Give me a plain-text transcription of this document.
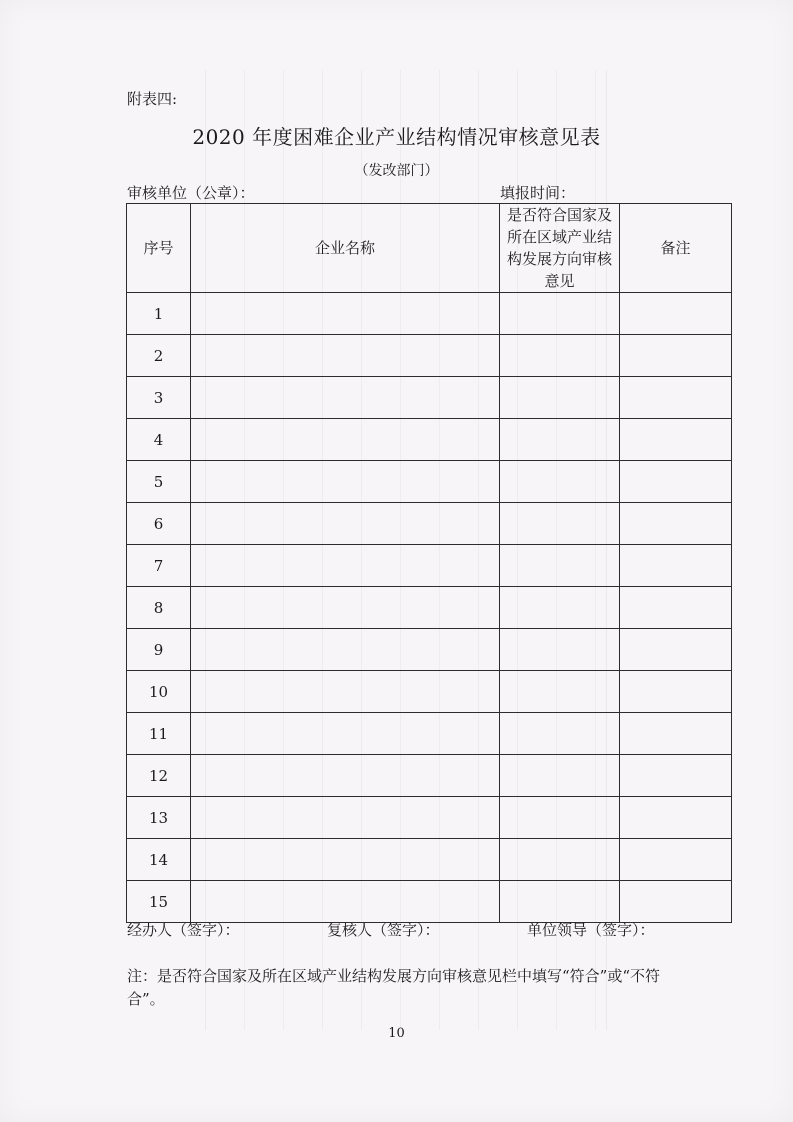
附表四:
2020 年度困难企业产业结构情况审核意见表
（发改部门）
审核单位（公章）：	填报时间：
序号	企业名称	是否符合国家及所在区域产业结构发展方向审核意见	备注
1			
2			
3			
4			
5			
6			
7			
8			
9			
10			
11			
12			
13			
14			
15			
经办人（签字）：	复核人（签字）：	单位领导（签字）：
注：是否符合国家及所在区域产业结构发展方向审核意见栏中填写“符合”或“不符合”。
10
